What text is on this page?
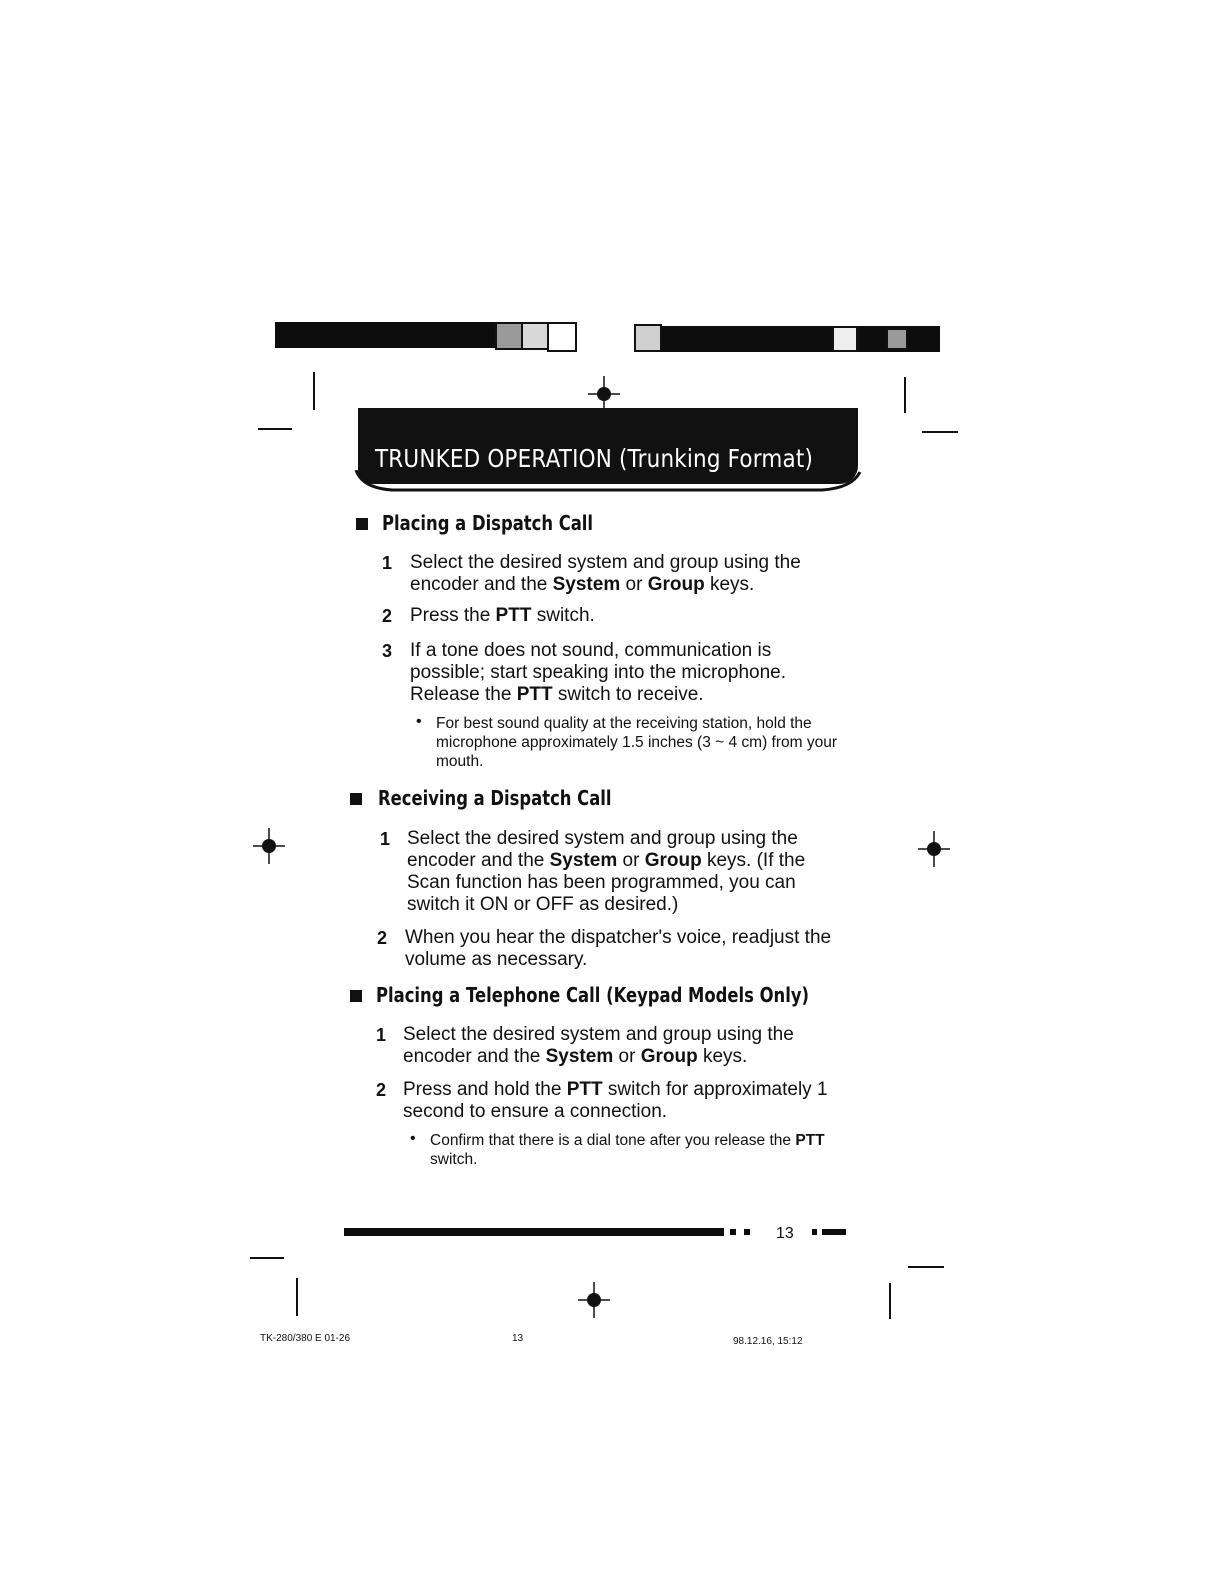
TRUNKED OPERATION (Trunking Format)
Placing a Dispatch Call
1 Select the desired system and group using the encoder and the System or Group keys.
2 Press the PTT switch.
3 If a tone does not sound, communication is possible; start speaking into the microphone. Release the PTT switch to receive.
• For best sound quality at the receiving station, hold the microphone approximately 1.5 inches (3 ~ 4 cm) from your mouth.
Receiving a Dispatch Call
1 Select the desired system and group using the encoder and the System or Group keys. (If the Scan function has been programmed, you can switch it ON or OFF as desired.)
2 When you hear the dispatcher's voice, readjust the volume as necessary.
Placing a Telephone Call (Keypad Models Only)
1 Select the desired system and group using the encoder and the System or Group keys.
2 Press and hold the PTT switch for approximately 1 second to ensure a connection.
• Confirm that there is a dial tone after you release the PTT switch.
13
TK-280/380 E 01-26	13	98.12.16, 15:12
